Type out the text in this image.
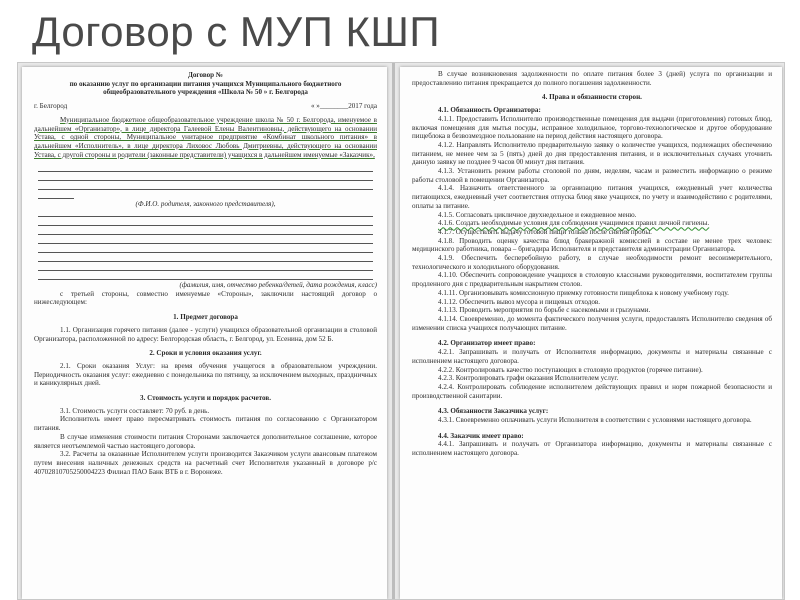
Договор с МУП КШП

Договор №

по оказанию услуг по организации питания учащихся Муниципального бюджетного

общеобразовательного учреждения «Школа № 50 » г. Белгорода

г. Белгород	« »________2017 года

Муниципальное бюджетное общеобразовательное учреждение школа № 50 г. Белгорода, именуемое в дальнейшем «Организатор», в лице директора Галеевой Елены Валентиновны, действующего на основании Устава, с одной стороны, Муниципальное унитарное предприятие «Комбинат школьного питания» в дальнейшем «Исполнитель», в лице директора Лиховос Любовь Дмитриевны, действующего на основании Устава, с другой стороны и родители (законные представители) учащихся в дальнейшем именуемые «Заказчик»,

(Ф.И.О. родителя, законного представителя),

(фамилия, имя, отчество ребенка/детей, дата рождения, класс)

с третьей стороны, совместно именуемые «Стороны», заключили настоящий договор о нижеследующем:

1. Предмет договора

1.1. Организация горячего питания (далее - услуги) учащихся образовательной организации в столовой Организатора, расположенной по адресу: Белгородская область, г. Белгород, ул. Есенина, дом 52 Б.

2. Сроки и условия оказания услуг.

2.1. Сроки оказания Услуг: на время обучения учащегося в образовательном учреждении. Периодичность оказания услуг: ежедневно с понедельника по пятницу, за исключением выходных, праздничных и каникулярных дней.

3. Стоимость услуги и порядок расчетов.

3.1. Стоимость услуги составляет: 70 руб. в день.

Исполнитель имеет право пересматривать стоимость питания по согласованию с Организатором питания.

В случае изменения стоимости питания Сторонами заключается дополнительное соглашение, которое является неотъемлемой частью настоящего договора.

3.2. Расчеты за оказанные Исполнителем услуги производится Заказчиком услуги авансовым платежом путем внесения наличных денежных средств на расчетный счет Исполнителя указанный в договоре р/с 40702810705250004223 Филиал ПАО Банк ВТБ в г. Воронеже.

В случае возникновения задолженности по оплате питания более 3 (дней) услуга по организации и предоставлению питания прекращается до полного погашения задолженности.

4. Права и обязанности сторон.

4.1. Обязанность Организатора:

4.1.1. Предоставить Исполнителю производственные помещения для выдачи (приготовления) готовых блюд, включая помещения для мытья посуды, исправное холодильное, торгово-технологическое и другое оборудование пищеблока в безвозмездное пользование на период действия настоящего договора.

4.1.2. Направлять Исполнителю предварительную заявку о количестве учащихся, подлежащих обеспечению питанием, не менее чем за 5 (пять) дней до дня предоставления питания, и в исключительных случаях уточнить данную заявку не позднее 9 часов 00 минут дня питания.

4.1.3. Установить режим работы столовой по дням, неделям, часам и разместить информацию о режиме работы столовой в помещении Организатора.

4.1.4. Назначить ответственного за организацию питания учащихся, ежедневный учет количества питающихся, ежедневный учет соответствия отпуска блюд явке учащихся, по учету и взаимодействию с родителями, оплаты за питание.

4.1.5. Согласовать цикличное двухнедельное и ежедневное меню.

4.1.6. Создать необходимые условия для соблюдения учащимися правил личной гигиены.

4.1.7. Осуществлять выдачу готовой пищи только после снятия пробы.

4.1.8. Проводить оценку качества блюд бракеражной комиссией в составе не менее трех человек: медицинского работника, повара – бригадира Исполнителя и представителя администрации Организатора.

4.1.9. Обеспечить бесперебойную работу, в случае необходимости ремонт весоизмерительного, технологического и холодильного оборудования.

4.1.10. Обеспечить сопровождение учащихся в столовую классными руководителями, воспитателем группы продленного дня с предварительным накрытием столов.

4.1.11. Организовывать комиссионную приемку готовности пищеблока к новому учебному году.

4.1.12. Обеспечить вывоз мусора и пищевых отходов.

4.1.13. Проводить мероприятия по борьбе с насекомыми и грызунами.

4.1.14. Своевременно, до момента фактического получения услуги, предоставлять Исполнителю сведения об изменении списка учащихся получающих питание.

4.2. Организатор имеет право:

4.2.1. Запрашивать и получать от Исполнителя информацию, документы и материалы связанные с исполнением настоящего договора.

4.2.2. Контролировать качество поступающих в столовую продуктов (горячее питание).

4.2.3. Контролировать графи оказания Исполнителем услуг.

4.2.4. Контролировать соблюдение исполнителем действующих правил и норм пожарной безопасности и производственной санитарии.

4.3. Обязанности Заказчика услуг:

4.3.1. Своевременно оплачивать услуги Исполнителя в соответствии с условиями настоящего договора.

4.4. Заказчик имеет право:

4.4.1. Запрашивать и получать от Организатора информацию, документы и материалы связанные с исполнением настоящего договора.
